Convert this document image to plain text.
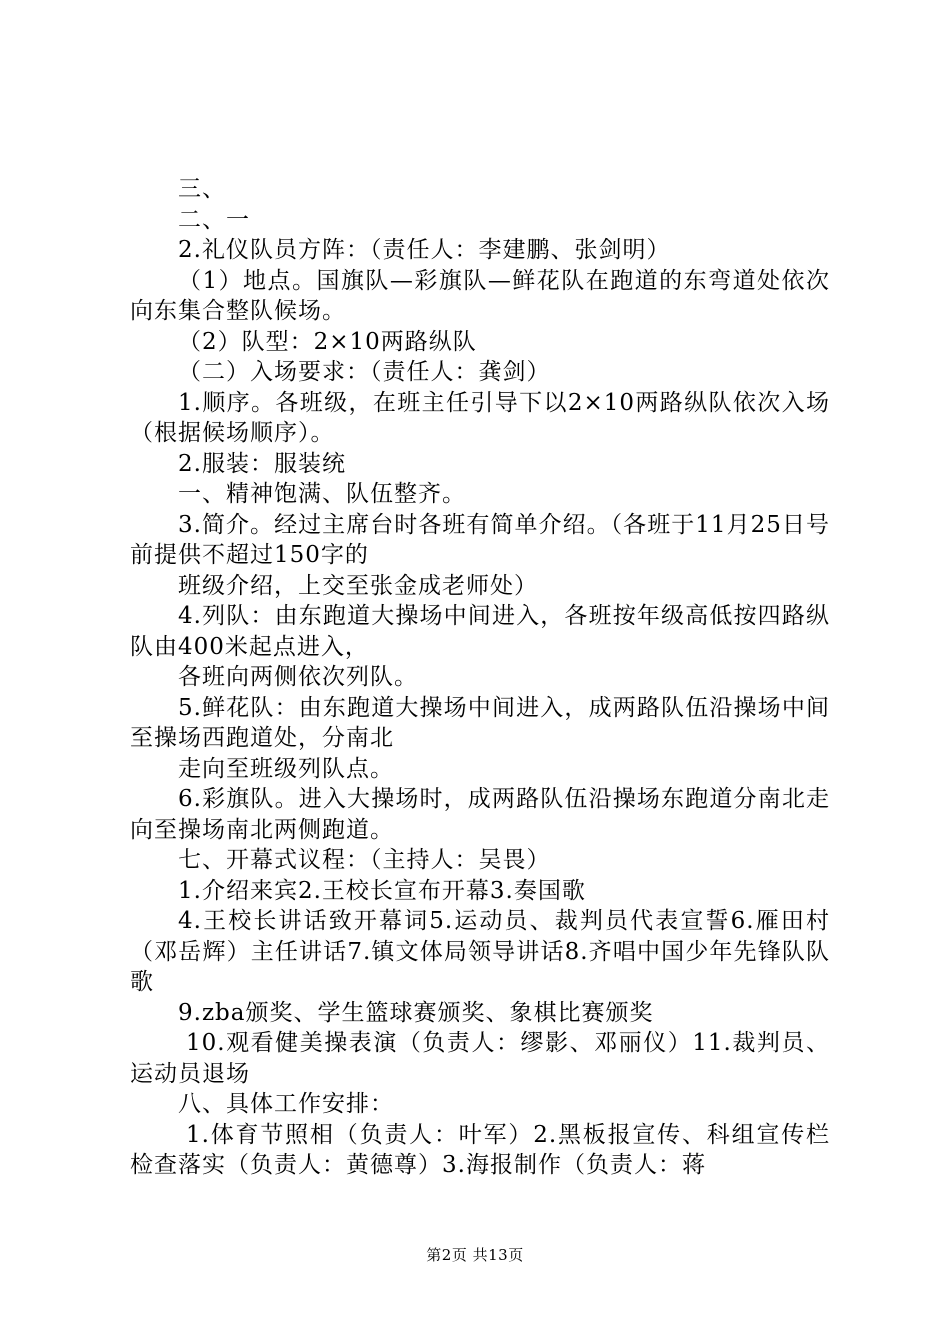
三、

二、一

2.礼仪队员方阵：（责任人：李建鹏、张剑明）

（1）地点。国旗队—彩旗队—鲜花队在跑道的东弯道处依次向东集合整队候场。

（2）队型：2×10两路纵队

（二）入场要求：（责任人：龚剑）

1.顺序。各班级，在班主任引导下以2×10两路纵队依次入场（根据候场顺序）。

2.服装：服装统

一、精神饱满、队伍整齐。

3.简介。经过主席台时各班有简单介绍。（各班于11月25日号前提供不超过150字的

班级介绍，上交至张金成老师处）

4.列队：由东跑道大操场中间进入，各班按年级高低按四路纵队由400米起点进入，

各班向两侧依次列队。

5.鲜花队：由东跑道大操场中间进入，成两路队伍沿操场中间至操场西跑道处，分南北

走向至班级列队点。

6.彩旗队。进入大操场时，成两路队伍沿操场东跑道分南北走向至操场南北两侧跑道。

七、开幕式议程：（主持人：吴畏）

1.介绍来宾2.王校长宣布开幕3.奏国歌

4.王校长讲话致开幕词5.运动员、裁判员代表宣誓6.雁田村（邓岳辉）主任讲话7.镇文体局领导讲话8.齐唱中国少年先锋队队歌

9.zba颁奖、学生篮球赛颁奖、象棋比赛颁奖

10.观看健美操表演（负责人：缪影、邓丽仪）11.裁判员、运动员退场

八、具体工作安排：

1.体育节照相（负责人：叶军）2.黑板报宣传、科组宣传栏检查落实（负责人：黄德尊）3.海报制作（负责人：蒋

第2页 共13页
